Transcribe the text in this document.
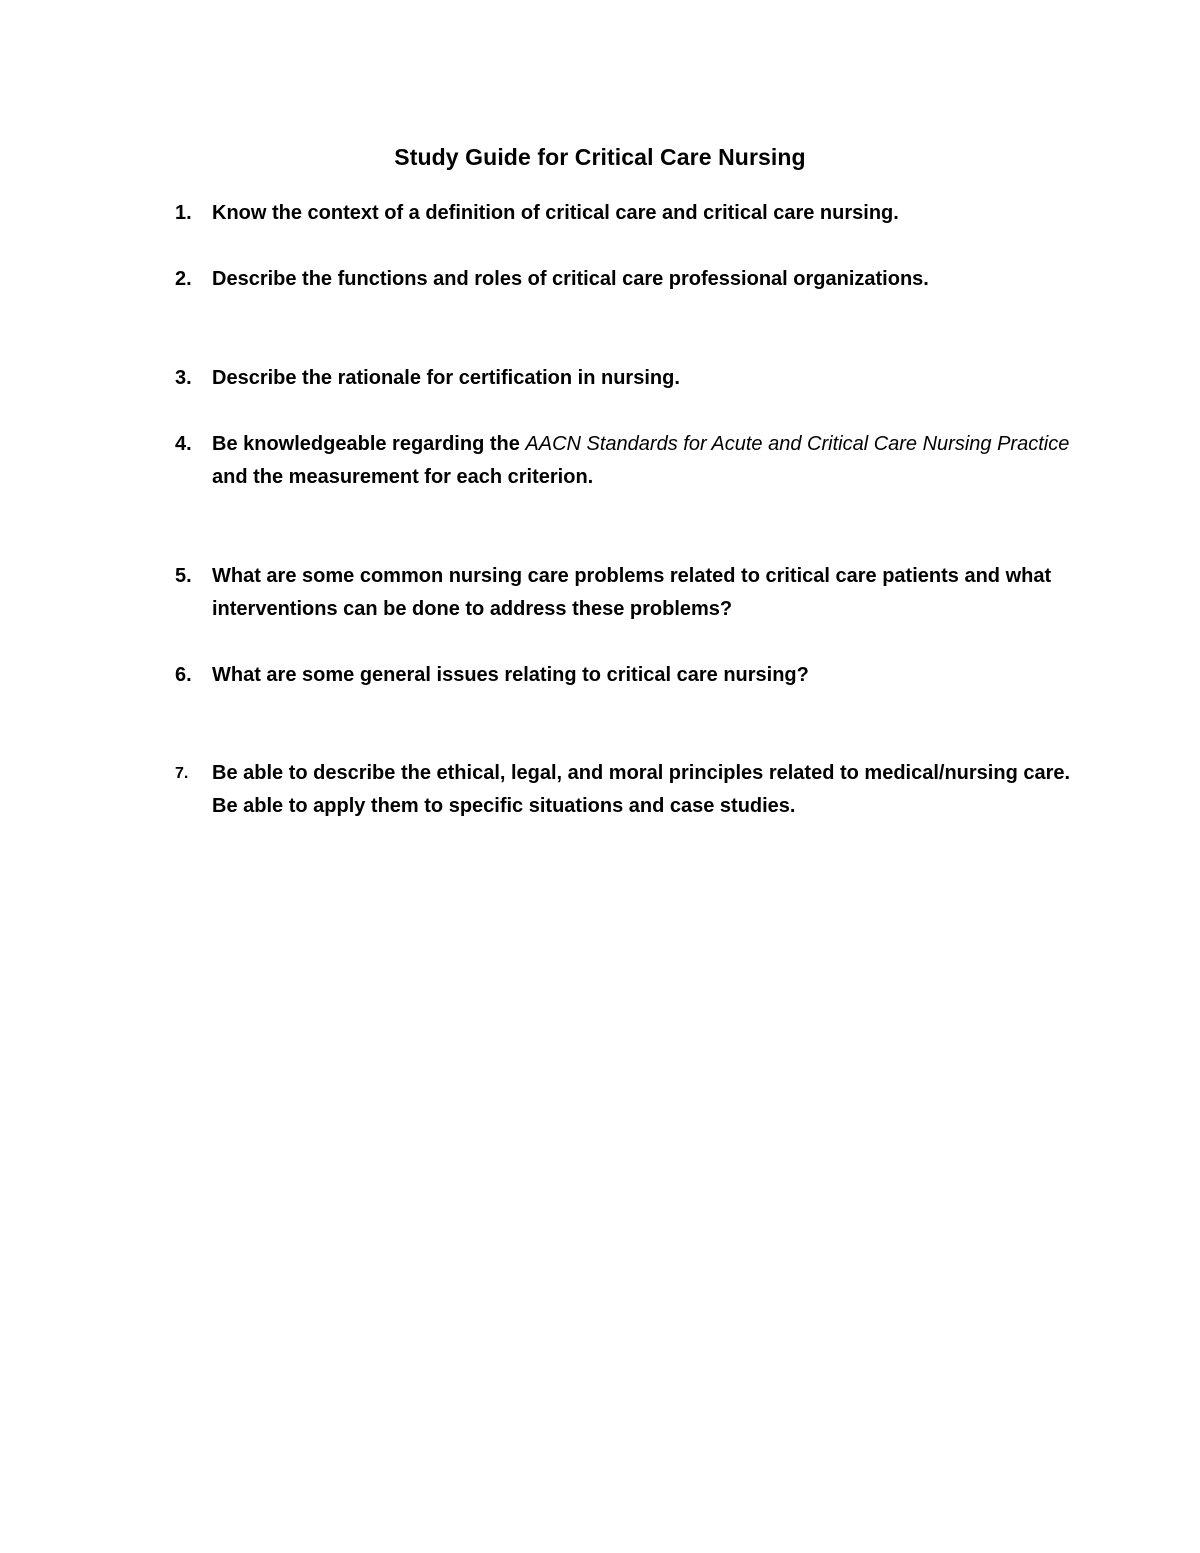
Study Guide for Critical Care Nursing
1.	Know the context of a definition of critical care and critical care nursing.
2.	Describe the functions and roles of critical care professional organizations.
3.	Describe the rationale for certification in nursing.
4.	Be knowledgeable regarding the AACN Standards for Acute and Critical Care Nursing Practice and the measurement for each criterion.
5.	What are some common nursing care problems related to critical care patients and what interventions can be done to address these problems?
6.	What are some general issues relating to critical care nursing?
7.	Be able to describe the ethical, legal, and moral principles related to medical/nursing care. Be able to apply them to specific situations and case studies.
